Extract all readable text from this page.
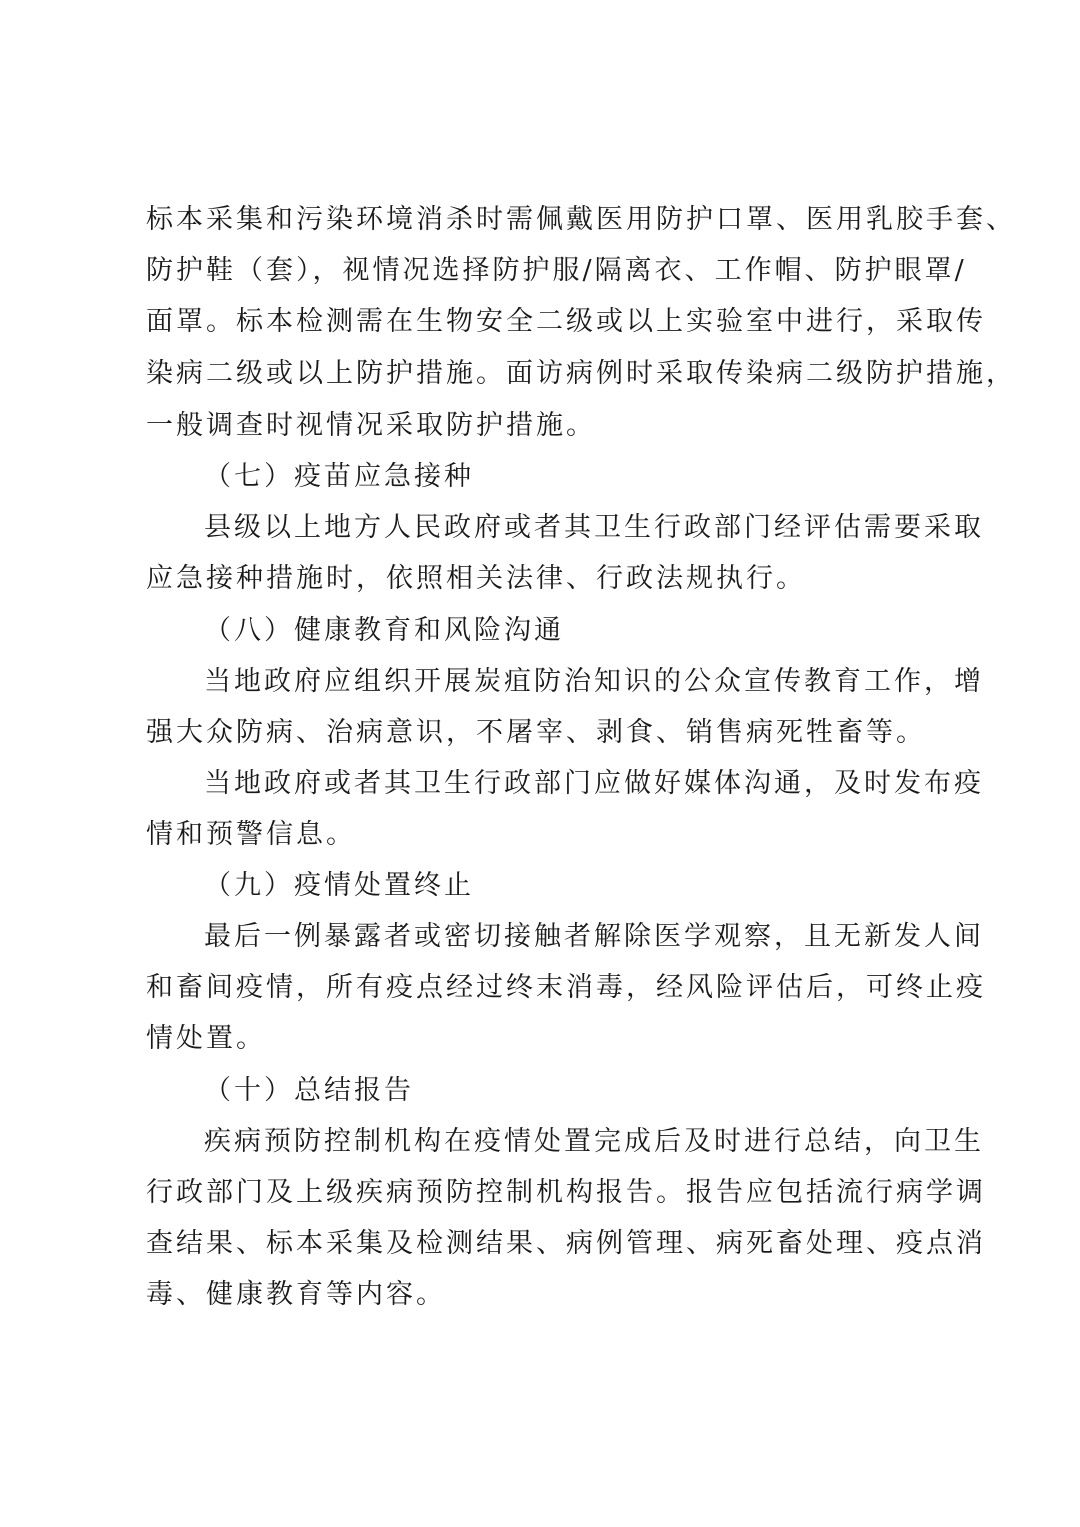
标本采集和污染环境消杀时需佩戴医用防护口罩、医用乳胶手套、
防护鞋（套），视情况选择防护服/隔离衣、工作帽、防护眼罩/
面罩。标本检测需在生物安全二级或以上实验室中进行，采取传
染病二级或以上防护措施。面访病例时采取传染病二级防护措施，
一般调查时视情况采取防护措施。
（七）疫苗应急接种
县级以上地方人民政府或者其卫生行政部门经评估需要采取
应急接种措施时，依照相关法律、行政法规执行。
（八）健康教育和风险沟通
当地政府应组织开展炭疽防治知识的公众宣传教育工作，增
强大众防病、治病意识，不屠宰、剥食、销售病死牲畜等。
当地政府或者其卫生行政部门应做好媒体沟通，及时发布疫
情和预警信息。
（九）疫情处置终止
最后一例暴露者或密切接触者解除医学观察，且无新发人间
和畜间疫情，所有疫点经过终末消毒，经风险评估后，可终止疫
情处置。
（十）总结报告
疾病预防控制机构在疫情处置完成后及时进行总结，向卫生
行政部门及上级疾病预防控制机构报告。报告应包括流行病学调
查结果、标本采集及检测结果、病例管理、病死畜处理、疫点消
毒、健康教育等内容。
